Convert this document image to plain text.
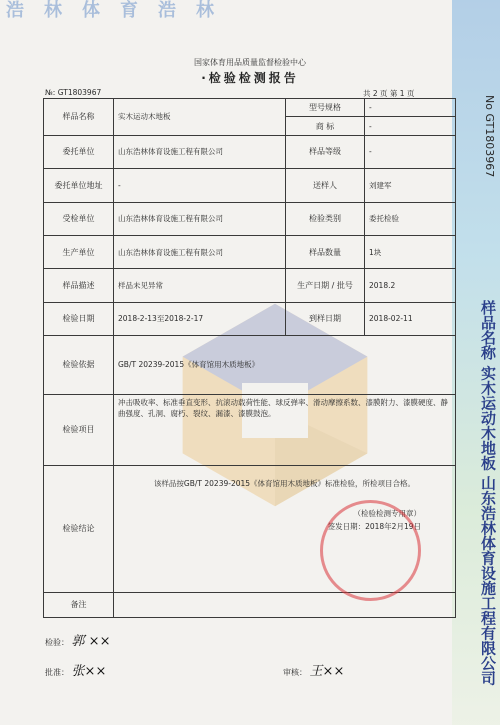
浩林体育浩林
No GT1803967
样品名称 实木运动木地板 山东浩林体育设施工程有限公司
国家体育用品质量监督检验中心
·检验检测报告
№: GT1803967	共 2 页 第 1 页
样品名称	实木运动木地板	型号规格	-
		商 标	-
委托单位	山东浩林体育设施工程有限公司	样品等级	-
委托单位地址	-	送样人	刘建军
受检单位	山东浩林体育设施工程有限公司	检验类别	委托检验
生产单位	山东浩林体育设施工程有限公司	样品数量	1块
样品描述	样品未见异常	生产日期 / 批号	2018.2
检验日期	2018-2-13至2018-2-17	到样日期	2018-02-11
检验依据	GB/T 20239-2015《体育馆用木质地板》		
检验项目	冲击吸收率、标准垂直变形、抗滚动载荷性能、球反弹率、滑动摩擦系数、漆膜附力、漆膜硬度、静曲强度、孔洞、腐朽、裂纹、漏漆、漆膜鼓泡。		
检验结论	该样品按GB/T 20239-2015《体育馆用木质地板》标准检验，所检项目合格。
（检验检测专用章）
签发日期：2018年2月19日		

备注			
检验： 郭 ××
批准： 张××	审核： 王××
